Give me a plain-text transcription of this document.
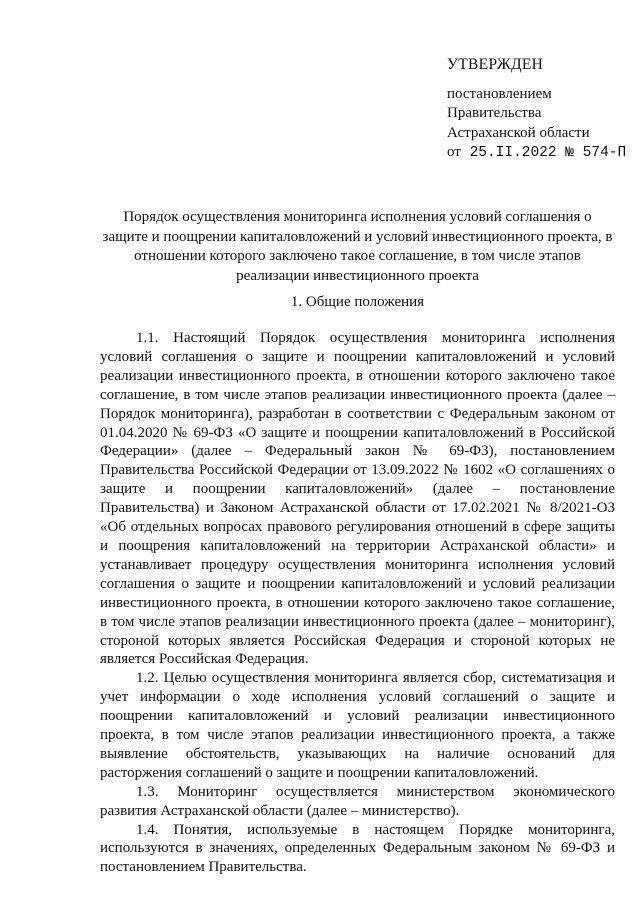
УТВЕРЖДЕН
постановлением
Правительства
Астраханской области
от 25.II.2022 № 574-П
Порядок осуществления мониторинга исполнения условий соглашения о защите и поощрении капиталовложений и условий инвестиционного проекта, в отношении которого заключено такое соглашение, в том числе этапов реализации инвестиционного проекта
1. Общие положения

1.1. Настоящий Порядок осуществления мониторинга исполнения условий соглашения о защите и поощрении капиталовложений и условий реализации инвестиционного проекта, в отношении которого заключено такое соглашение, в том числе этапов реализации инвестиционного проекта (далее – Порядок мониторинга), разработан в соответствии с Федеральным законом от 01.04.2020 № 69-ФЗ «О защите и поощрении капиталовложений в Российской Федерации» (далее – Федеральный закон № 69-ФЗ), постановлением Правительства Российской Федерации от 13.09.2022 № 1602 «О соглашениях о защите и поощрении капиталовложений» (далее – постановление Правительства) и Законом Астраханской области от 17.02.2021 № 8/2021-ОЗ «Об отдельных вопросах правового регулирования отношений в сфере защиты и поощрения капиталовложений на территории Астраханской области» и устанавливает процедуру осуществления мониторинга исполнения условий соглашения о защите и поощрении капиталовложений и условий реализации инвестиционного проекта, в отношении которого заключено такое соглашение, в том числе этапов реализации инвестиционного проекта (далее – мониторинг), стороной которых является Российская Федерация и стороной которых не является Российская Федерация.

1.2. Целью осуществления мониторинга является сбор, систематизация и учет информации о ходе исполнения условий соглашений о защите и поощрении капиталовложений и условий реализации инвестиционного проекта, в том числе этапов реализации инвестиционного проекта, а также выявление обстоятельств, указывающих на наличие оснований для расторжения соглашений о защите и поощрении капиталовложений.

1.3. Мониторинг осуществляется министерством экономического развития Астраханской области (далее – министерство).

1.4. Понятия, используемые в настоящем Порядке мониторинга, используются в значениях, определенных Федеральным законом № 69-ФЗ и постановлением Правительства.
